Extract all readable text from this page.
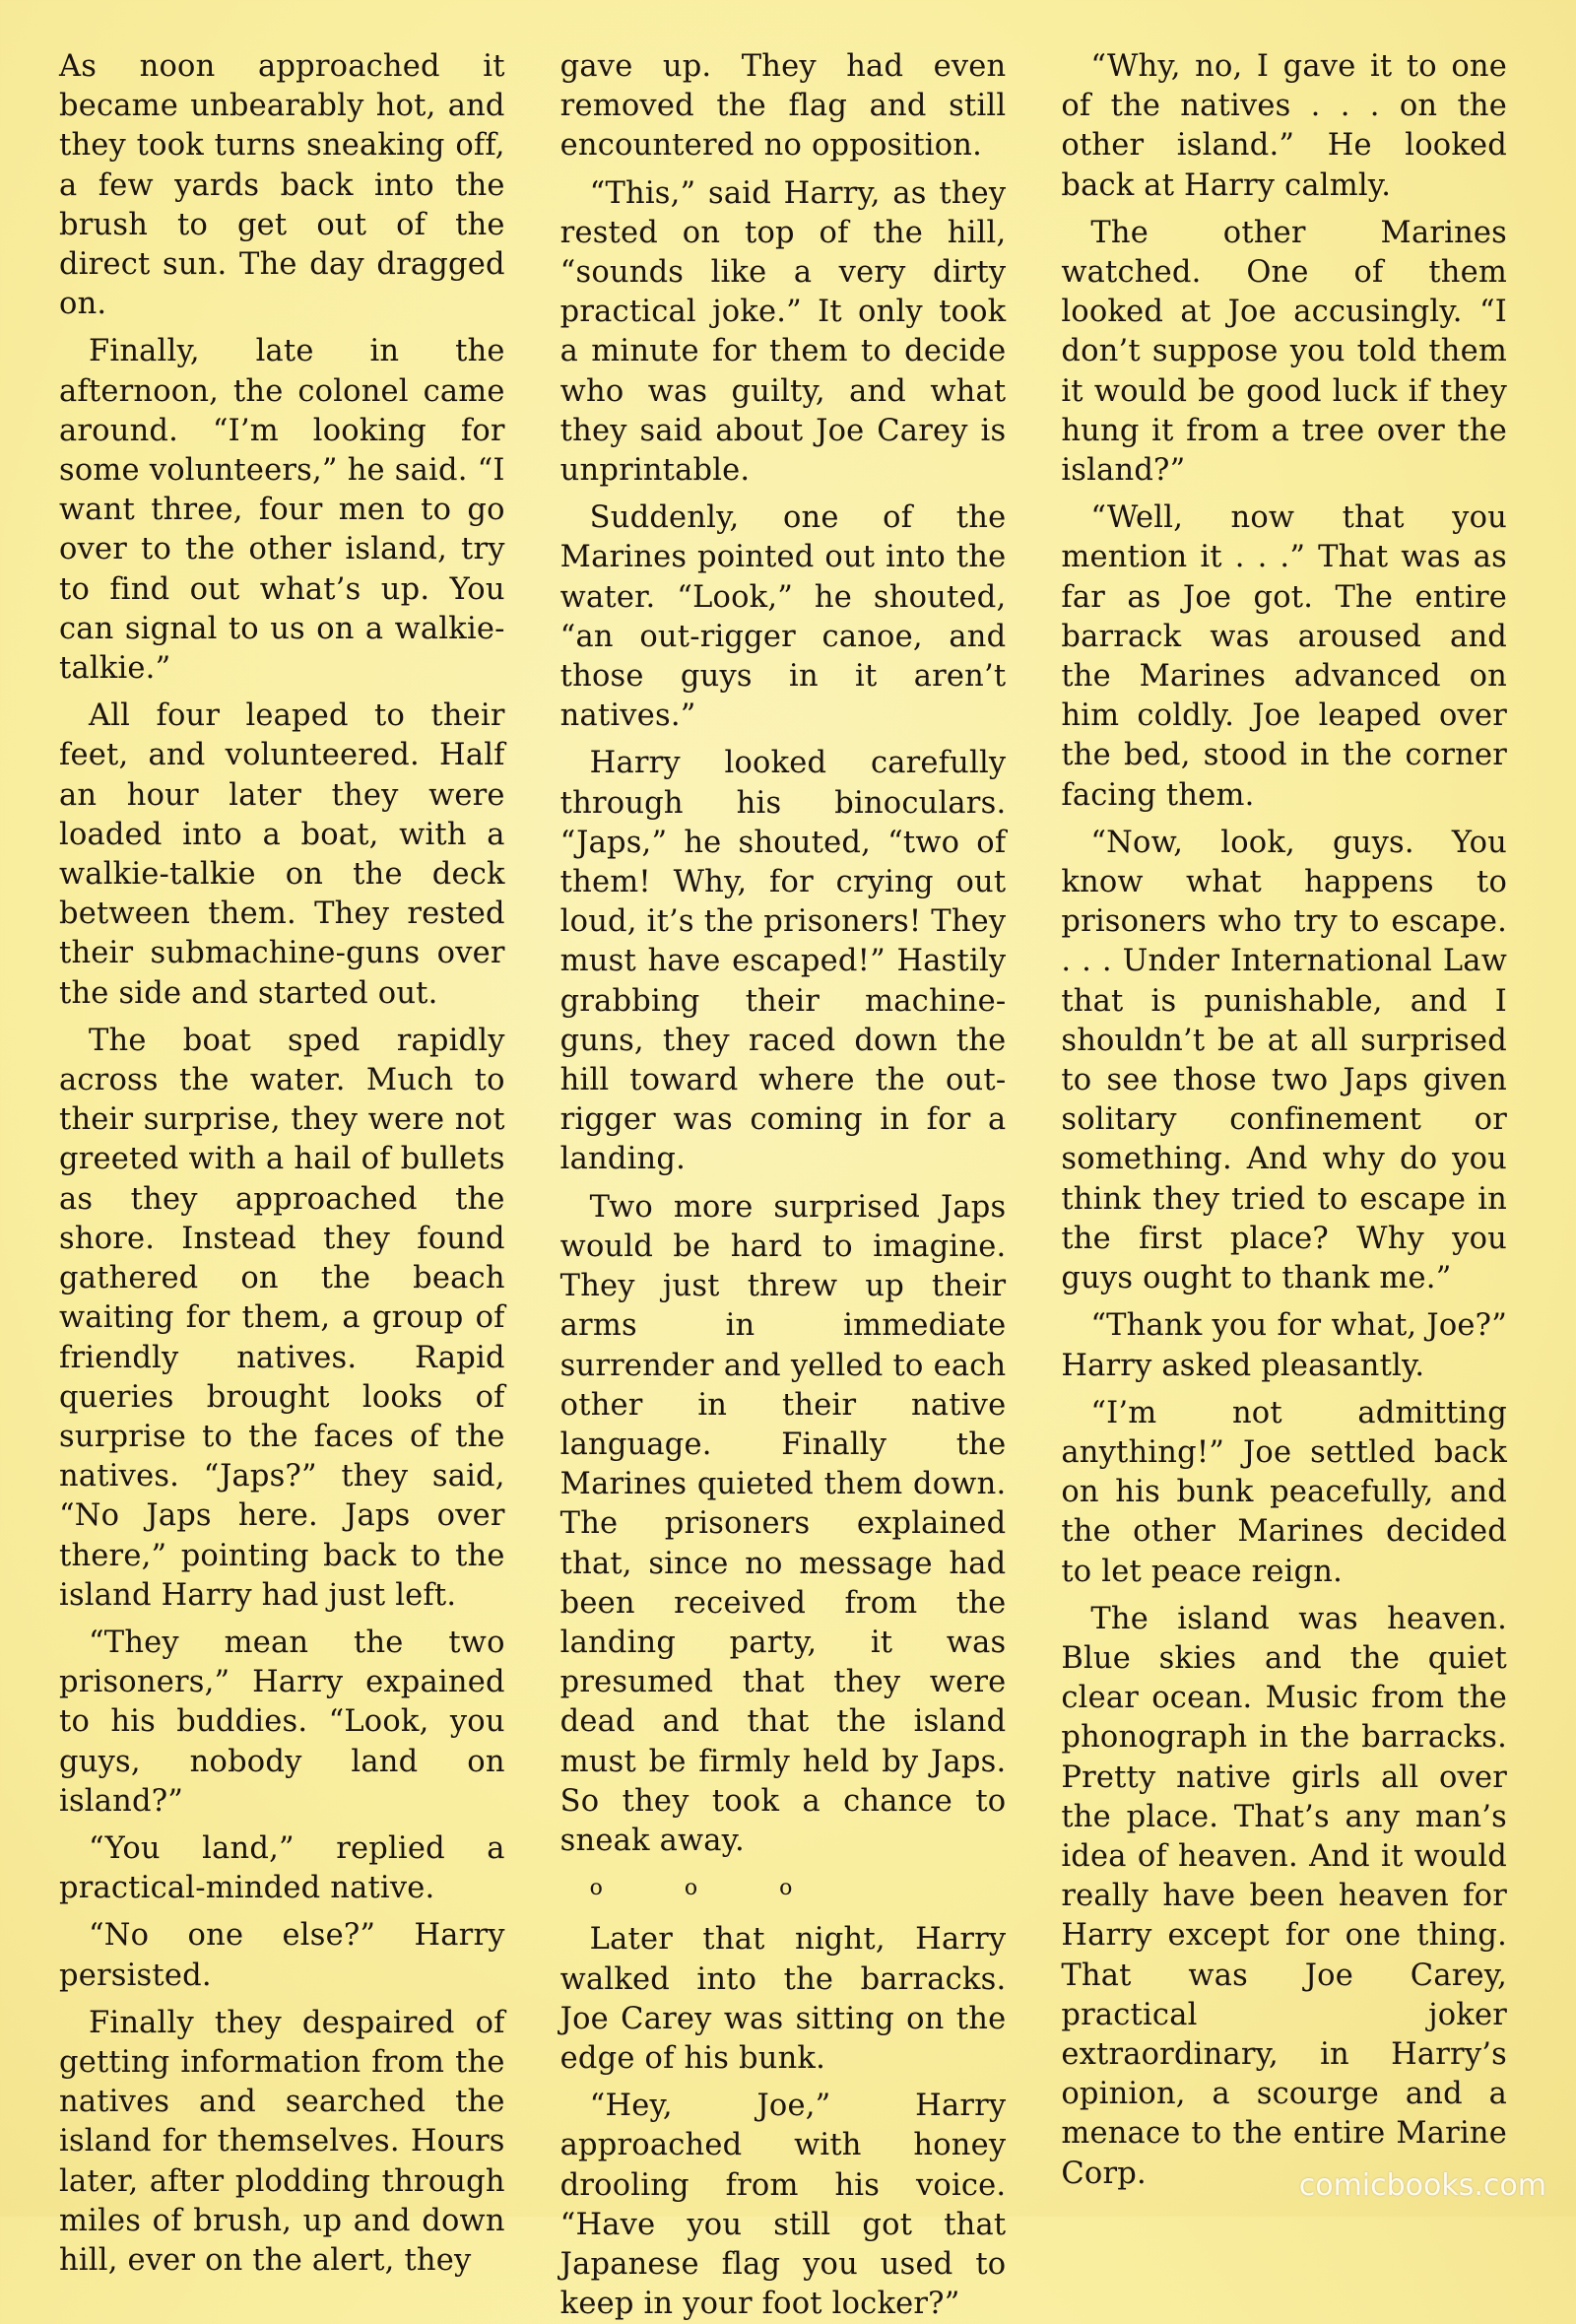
As noon approached it became unbearably hot, and they took turns sneaking off, a few yards back into the brush to get out of the direct sun. The day dragged on.

Finally, late in the afternoon, the colonel came around. “I’m looking for some volunteers,” he said. “I want three, four men to go over to the other island, try to find out what’s up. You can signal to us on a walkie-talkie.”

All four leaped to their feet, and volunteered. Half an hour later they were loaded into a boat, with a walkie-talkie on the deck between them. They rested their submachine-guns over the side and started out.

The boat sped rapidly across the water. Much to their surprise, they were not greeted with a hail of bullets as they approached the shore. Instead they found gathered on the beach waiting for them, a group of friendly natives. Rapid queries brought looks of surprise to the faces of the natives. “Japs?” they said, “No Japs here. Japs over there,” pointing back to the island Harry had just left.

“They mean the two prisoners,” Harry expained to his buddies. “Look, you guys, nobody land on island?”

“You land,” replied a practical-minded native.

“No one else?” Harry persisted.

Finally they despaired of getting information from the natives and searched the island for themselves. Hours later, after plodding through miles of brush, up and down hill, ever on the alert, they

gave up. They had even removed the flag and still encountered no opposition.

“This,” said Harry, as they rested on top of the hill, “sounds like a very dirty practical joke.” It only took a minute for them to decide who was guilty, and what they said about Joe Carey is unprintable.

Suddenly, one of the Marines pointed out into the water. “Look,” he shouted, “an out-rigger canoe, and those guys in it aren’t natives.”

Harry looked carefully through his binoculars. “Japs,” he shouted, “two of them! Why, for crying out loud, it’s the prisoners! They must have escaped!” Hastily grabbing their machine-guns, they raced down the hill toward where the out-rigger was coming in for a landing.

Two more surprised Japs would be hard to imagine. They just threw up their arms in immediate surrender and yelled to each other in their native language. Finally the Marines quieted them down. The prisoners explained that, since no message had been received from the landing party, it was presumed that they were dead and that the island must be firmly held by Japs. So they took a chance to sneak away.

o o o

Later that night, Harry walked into the barracks. Joe Carey was sitting on the edge of his bunk.

“Hey, Joe,” Harry approached with honey drooling from his voice. “Have you still got that Japanese flag you used to keep in your foot locker?”

“Why, no, I gave it to one of the natives . . . on the other island.” He looked back at Harry calmly.

The other Marines watched. One of them looked at Joe accusingly. “I don’t suppose you told them it would be good luck if they hung it from a tree over the island?”

“Well, now that you mention it . . .” That was as far as Joe got. The entire barrack was aroused and the Marines advanced on him coldly. Joe leaped over the bed, stood in the corner facing them.

“Now, look, guys. You know what happens to prisoners who try to escape. . . . Under International Law that is punishable, and I shouldn’t be at all surprised to see those two Japs given solitary confinement or something. And why do you think they tried to escape in the first place? Why you guys ought to thank me.”

“Thank you for what, Joe?” Harry asked pleasantly.

“I’m not admitting anything!” Joe settled back on his bunk peacefully, and the other Marines decided to let peace reign.

The island was heaven. Blue skies and the quiet clear ocean. Music from the phonograph in the barracks. Pretty native girls all over the place. That’s any man’s idea of heaven. And it would really have been heaven for Harry except for one thing. That was Joe Carey, practical joker extraordinary, in Harry’s opinion, a scourge and a menace to the entire Marine Corp.	comicbooks.com
